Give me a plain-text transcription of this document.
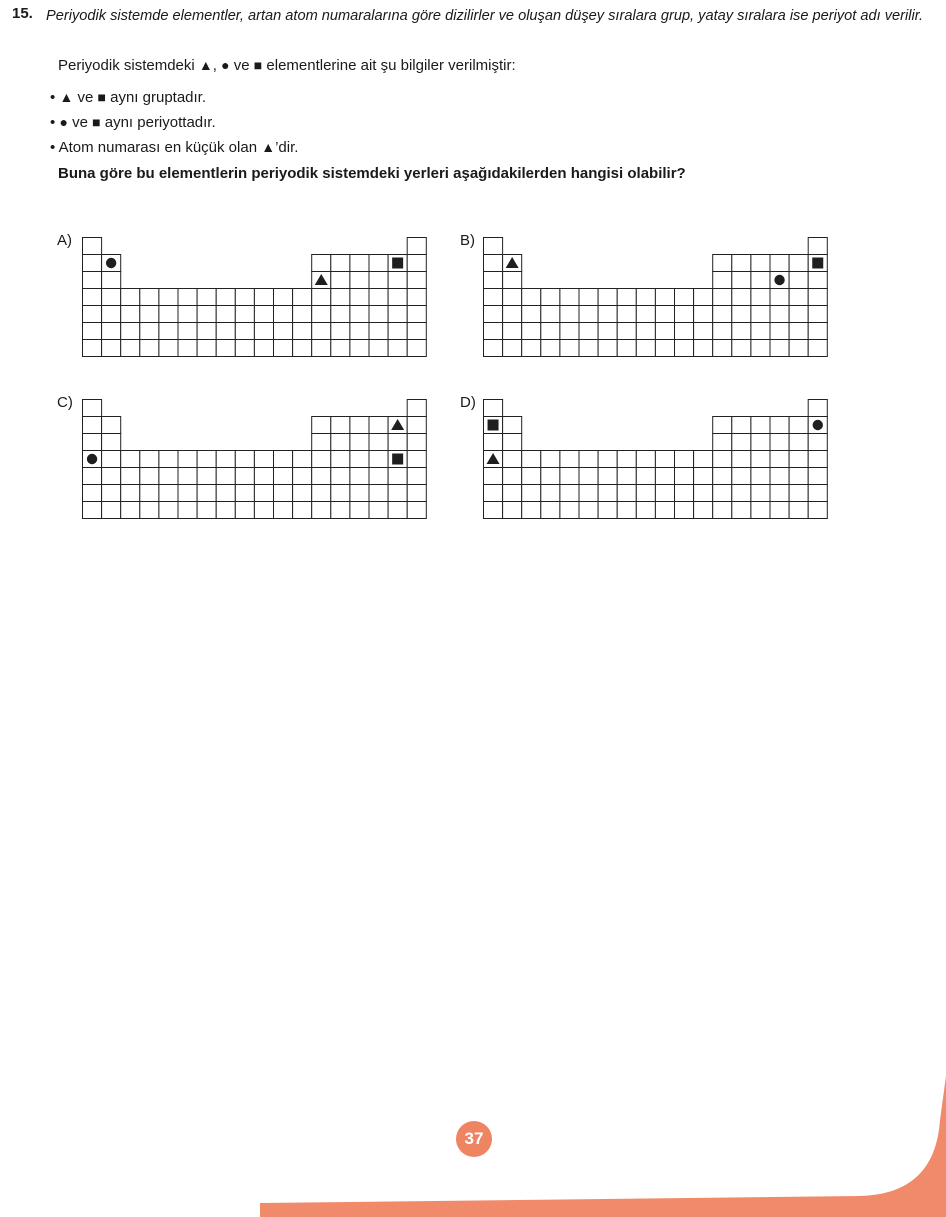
15. Periyodik sistemde elementler, artan atom numaralarına göre dizilirler ve oluşan düşey sıralara grup, yatay sıralara ise periyot adı verilir.
Periyodik sistemdeki ▲, ● ve ■ elementlerine ait şu bilgiler verilmiştir:
• ▲ ve ■ aynı gruptadır.
• ● ve ■ aynı periyottadır.
• Atom numarası en küçük olan ▲’dir.
Buna göre bu elementlerin periyodik sistemdeki yerleri aşağıdakilerden hangisi olabilir?
A)	B)
C)	D)
37
